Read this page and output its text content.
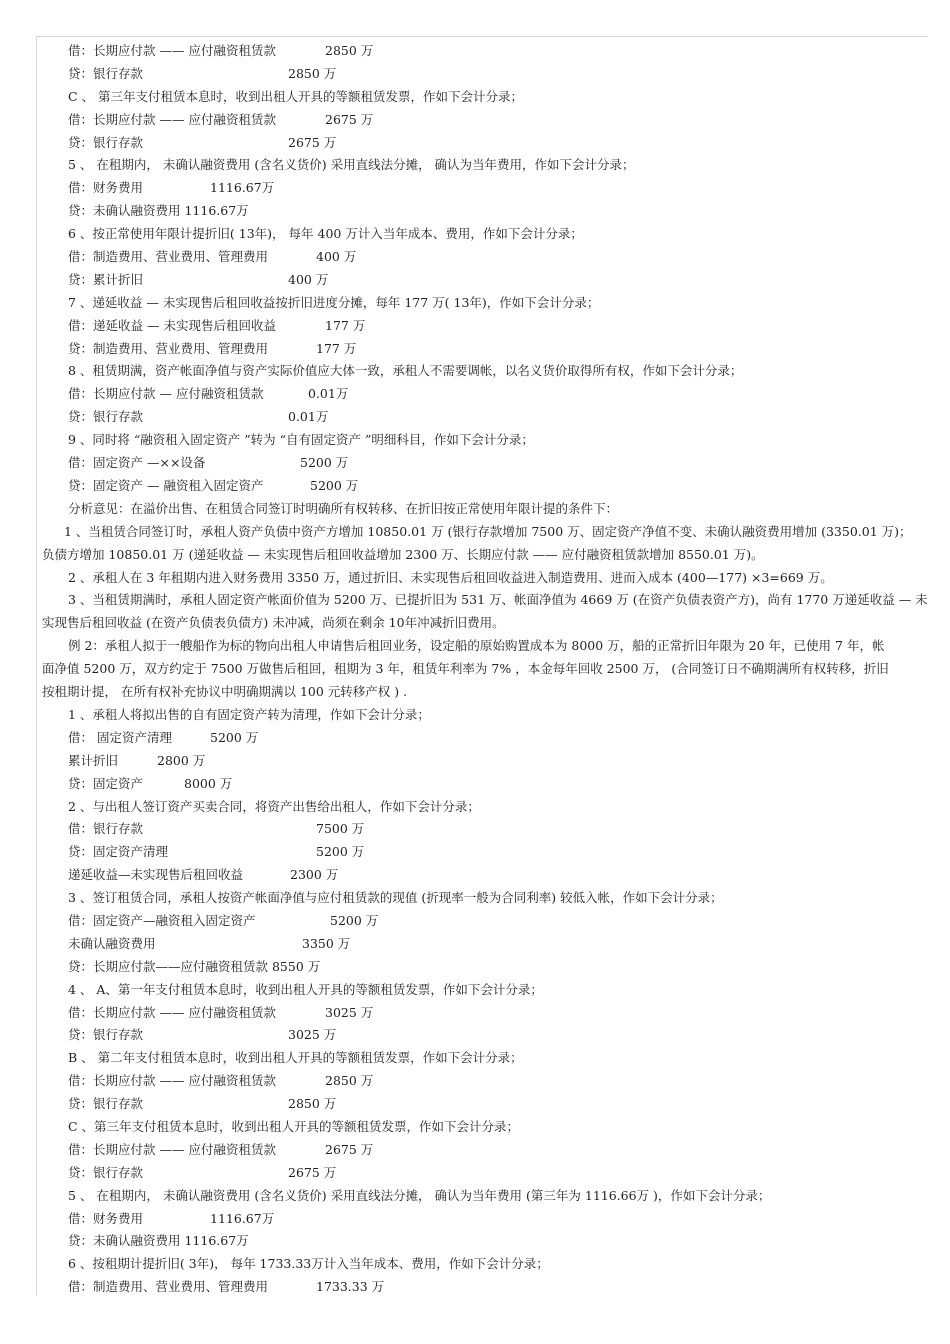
借：长期应付款 —— 应付融资租赁款	2850 万
贷：银行存款	2850 万
C 、 第三年支付租赁本息时，收到出租人开具的等额租赁发票，作如下会计分录；
借：长期应付款 —— 应付融资租赁款	2675 万
贷：银行存款	2675 万
5 、 在租期内， 未确认融资费用 (含名义货价) 采用直线法分摊， 确认为当年费用，作如下会计分录；
借：财务费用	1116.67万
贷：未确认融资费用 1116.67万
6 、按正常使用年限计提折旧( 13年)， 每年 400 万计入当年成本、费用，作如下会计分录；
借：制造费用、营业费用、管理费用	400 万
贷：累计折旧	400 万
7 、递延收益 — 未实现售后租回收益按折旧进度分摊，每年 177 万( 13年)，作如下会计分录；
借：递延收益 — 未实现售后租回收益	177 万
贷：制造费用、营业费用、管理费用	177 万
8 、租赁期满，资产帐面净值与资产实际价值应大体一致，承租人不需要调帐，以名义货价取得所有权，作如下会计分录；
借：长期应付款 — 应付融资租赁款	0.01万
贷：银行存款	0.01万
9 、同时将 “融资租入固定资产 ”转为 “自有固定资产 ”明细科目，作如下会计分录；
借：固定资产 —××设备	5200 万
贷：固定资产 — 融资租入固定资产	5200 万
分析意见：在溢价出售、在租赁合同签订时明确所有权转移、在折旧按正常使用年限计提的条件下：
1 、当租赁合同签订时，承租人资产负债中资产方增加 10850.01 万 (银行存款增加 7500 万、固定资产净值不变、未确认融资费用增加 (3350.01 万)；
负债方增加 10850.01 万 (递延收益 — 未实现售后租回收益增加 2300 万、长期应付款 —— 应付融资租赁款增加 8550.01 万)。
2 、承租人在 3 年租期内进入财务费用 3350 万，通过折旧、未实现售后租回收益进入制造费用、进而入成本 (400—177) ×3=669 万。
3 、当租赁期满时，承租人固定资产帐面价值为 5200 万、已提折旧为 531 万、帐面净值为 4669 万 (在资产负债表资产方)，尚有 1770 万递延收益 — 未
实现售后租回收益 (在资产负债表负债方) 未冲减，尚须在剩余 10年冲减折旧费用。
例 2：承租人拟于一艘船作为标的物向出租人申请售后租回业务，设定船的原始购置成本为 8000 万，船的正常折旧年限为 20 年，已使用 7 年，帐
面净值 5200 万，双方约定于 7500 万做售后租回，租期为 3 年，租赁年利率为 7% ，本金每年回收 2500 万， (合同签订日不确期满所有权转移，折旧
按租期计提， 在所有权补充协议中明确期满以 100 元转移产权 ) .
1 、承租人将拟出售的自有固定资产转为清理，作如下会计分录；
借： 固定资产清理	5200 万
累计折旧	2800 万
贷：固定资产	8000 万
2 、与出租人签订资产买卖合同，将资产出售给出租人，作如下会计分录；
借：银行存款	7500 万
贷：固定资产清理	5200 万
递延收益—未实现售后租回收益	2300 万
3 、签订租赁合同，承租人按资产帐面净值与应付租赁款的现值 (折现率一般为合同利率) 较低入帐，作如下会计分录；
借：固定资产—融资租入固定资产	5200 万
未确认融资费用	3350 万
贷：长期应付款——应付融资租赁款 8550 万
4 、 A、第一年支付租赁本息时，收到出租人开具的等额租赁发票，作如下会计分录；
借：长期应付款 —— 应付融资租赁款	3025 万
贷：银行存款	3025 万
B 、 第二年支付租赁本息时，收到出租人开具的等额租赁发票，作如下会计分录；
借：长期应付款 —— 应付融资租赁款	2850 万
贷：银行存款	2850 万
C 、第三年支付租赁本息时，收到出租人开具的等额租赁发票，作如下会计分录；
借：长期应付款 —— 应付融资租赁款	2675 万
贷：银行存款	2675 万
5 、 在租期内， 未确认融资费用 (含名义货价) 采用直线法分摊， 确认为当年费用 (第三年为 1116.66万 )，作如下会计分录；
借：财务费用	1116.67万
贷：未确认融资费用 1116.67万
6 、按租期计提折旧( 3年)， 每年 1733.33万计入当年成本、费用，作如下会计分录；
借：制造费用、营业费用、管理费用	1733.33 万
